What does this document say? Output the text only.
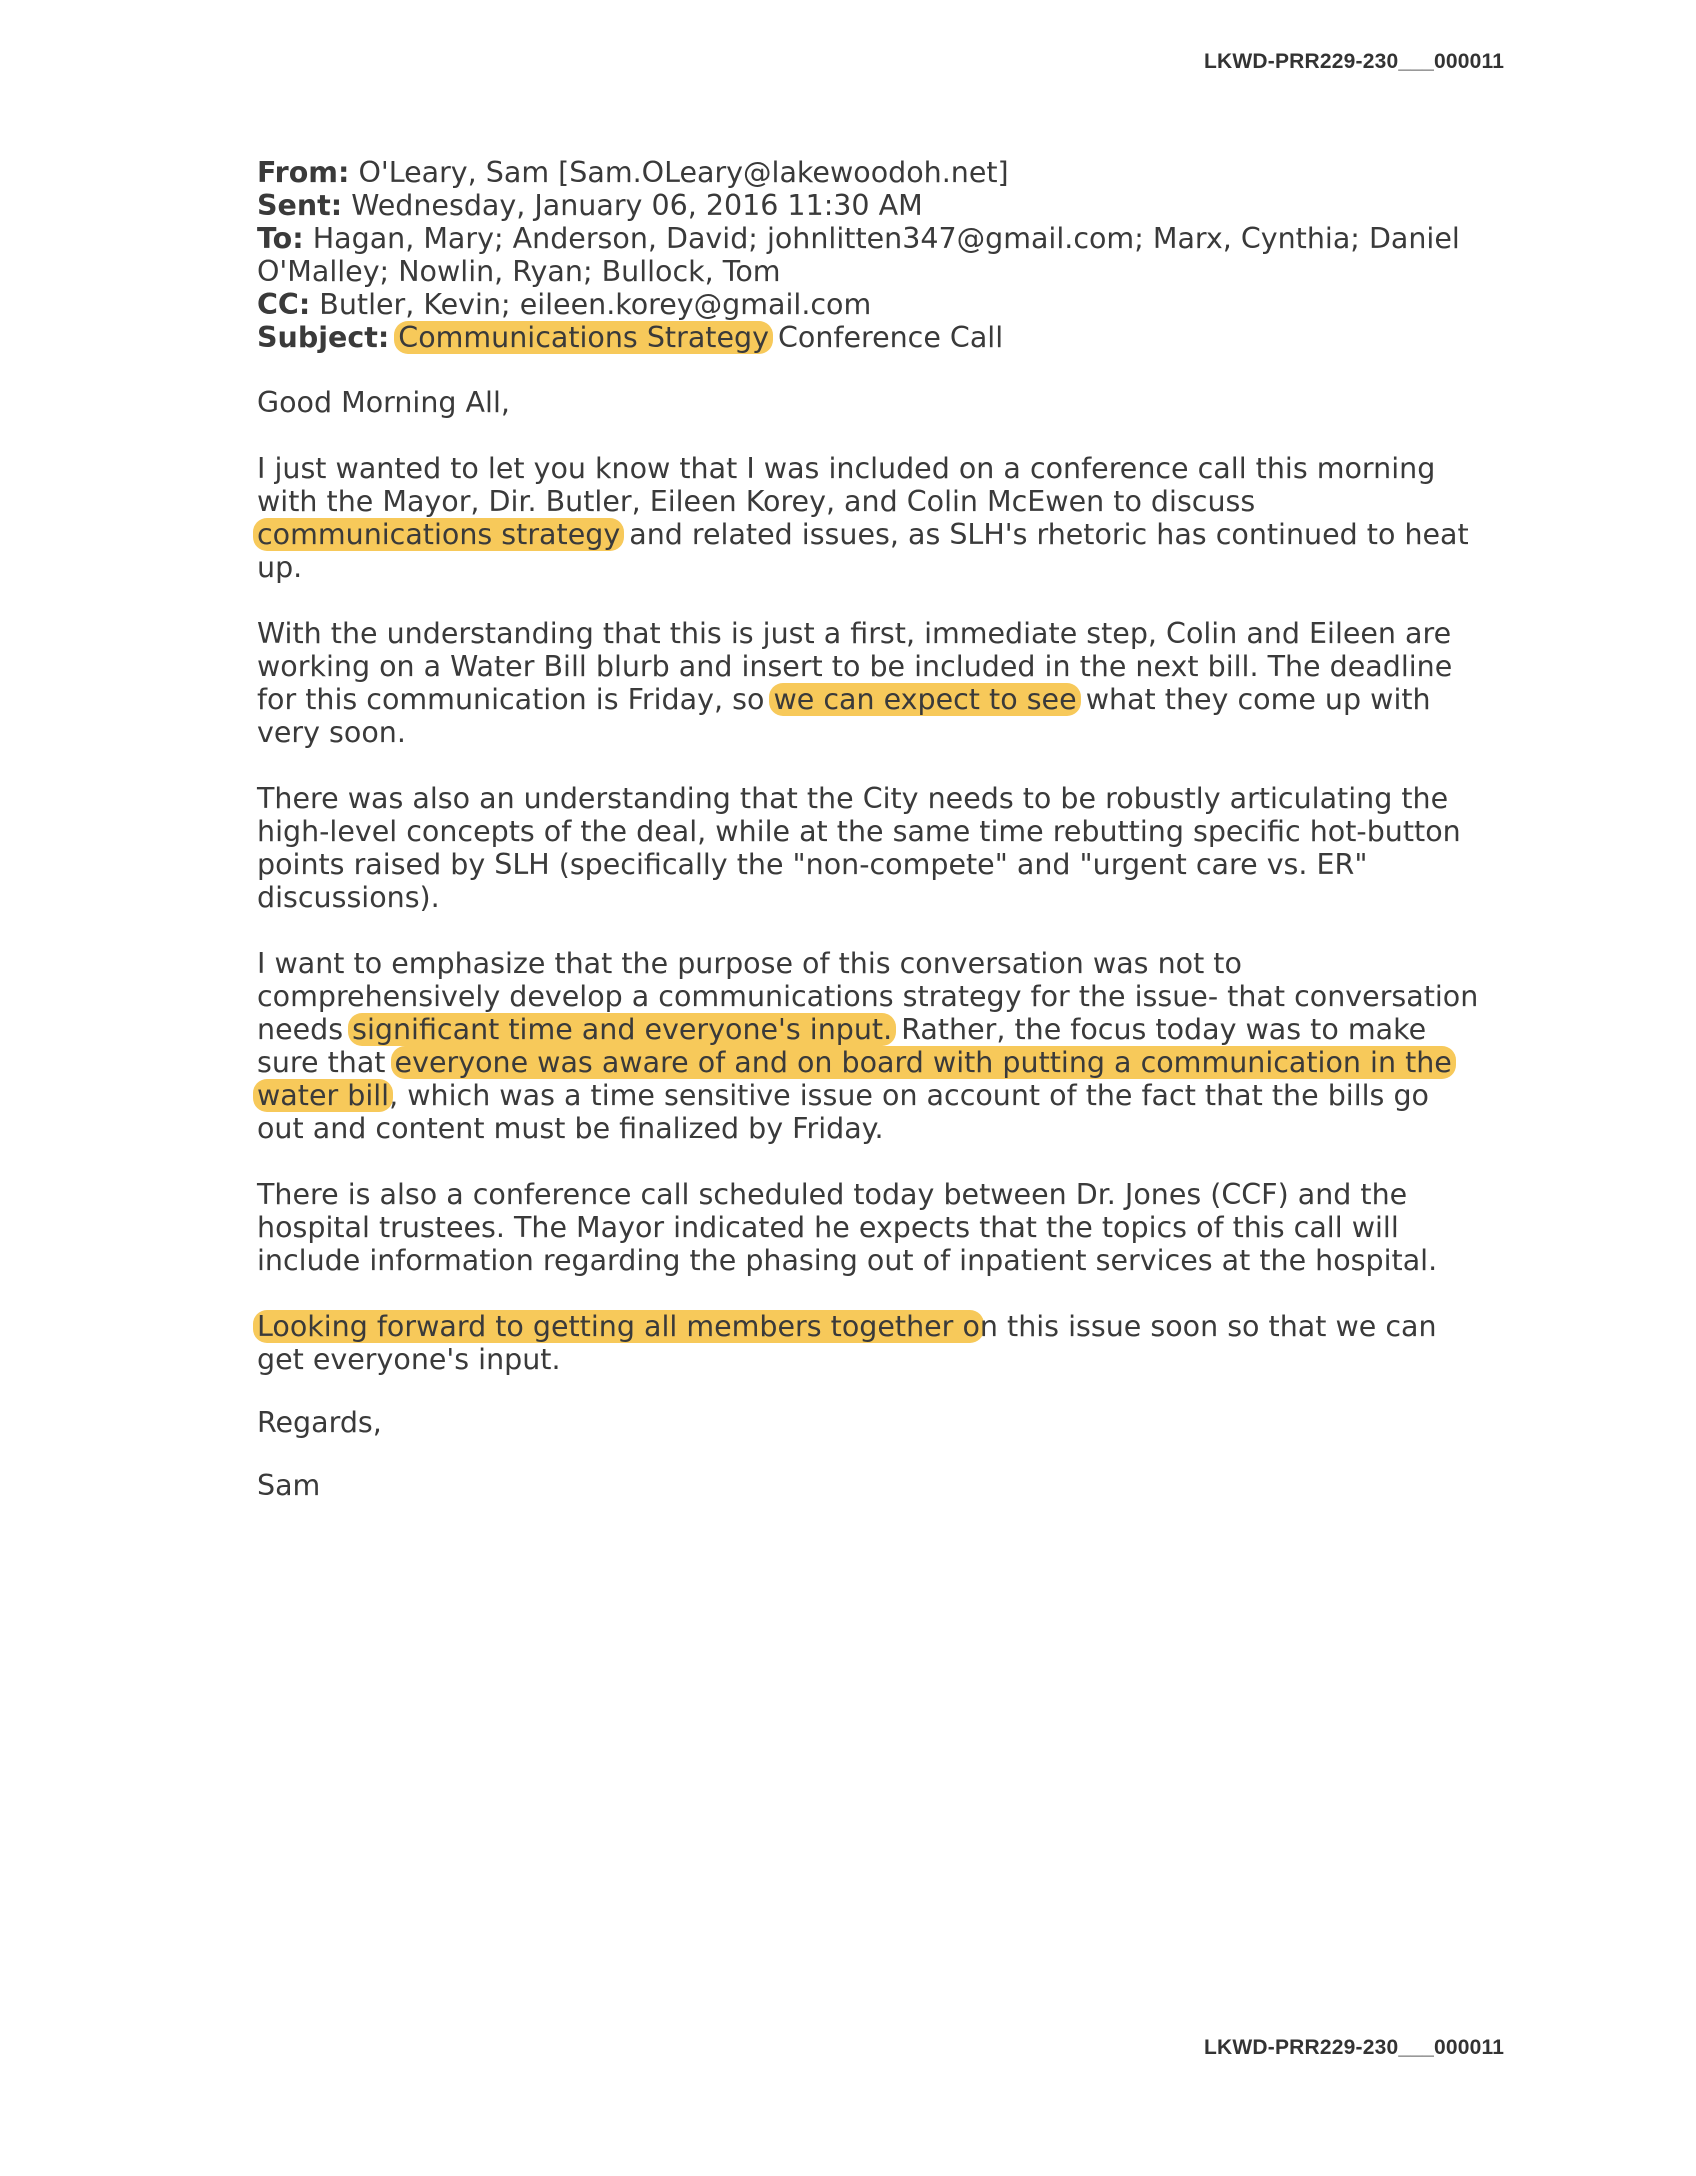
LKWD-PRR229-230___000011
From: O'Leary, Sam [Sam.OLeary@lakewoodoh.net]
Sent: Wednesday, January 06, 2016 11:30 AM
To: Hagan, Mary; Anderson, David; johnlitten347@gmail.com; Marx, Cynthia; Daniel O'Malley; Nowlin, Ryan; Bullock, Tom
CC: Butler, Kevin; eileen.korey@gmail.com
Subject: Communications Strategy Conference Call
Good Morning All,
I just wanted to let you know that I was included on a conference call this morning with the Mayor, Dir. Butler, Eileen Korey, and Colin McEwen to discuss communications strategy and related issues, as SLH's rhetoric has continued to heat up.
With the understanding that this is just a first, immediate step, Colin and Eileen are working on a Water Bill blurb and insert to be included in the next bill. The deadline for this communication is Friday, so we can expect to see what they come up with very soon.
There was also an understanding that the City needs to be robustly articulating the high-level concepts of the deal, while at the same time rebutting specific hot-button points raised by SLH (specifically the "non-compete" and "urgent care vs. ER" discussions).
I want to emphasize that the purpose of this conversation was not to comprehensively develop a communications strategy for the issue- that conversation needs significant time and everyone's input. Rather, the focus today was to make sure that everyone was aware of and on board with putting a communication in the water bill, which was a time sensitive issue on account of the fact that the bills go out and content must be finalized by Friday.
There is also a conference call scheduled today between Dr. Jones (CCF) and the hospital trustees. The Mayor indicated he expects that the topics of this call will include information regarding the phasing out of inpatient services at the hospital.
Looking forward to getting all members together on this issue soon so that we can get everyone's input.
Regards,
Sam
LKWD-PRR229-230___000011
